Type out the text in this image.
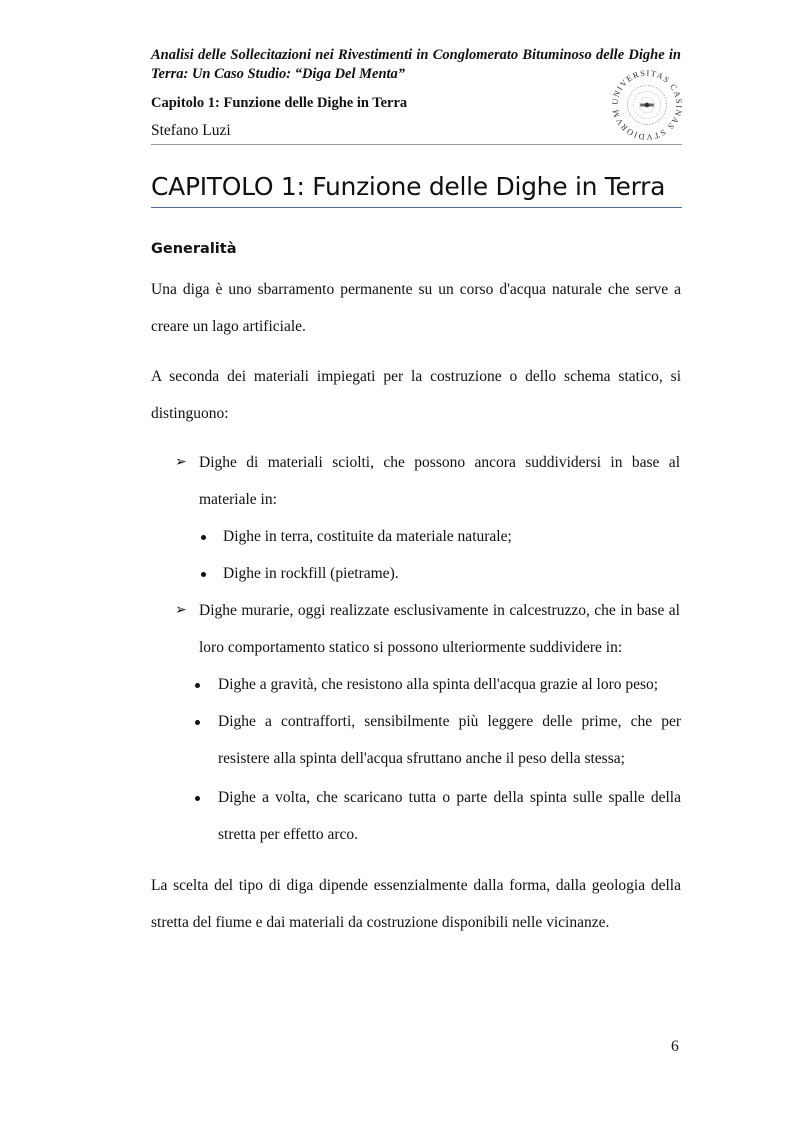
Analisi delle Sollecitazioni nei Rivestimenti in Conglomerato Bituminoso delle Dighe in Terra: Un Caso Studio: “Diga Del Menta”
Capitolo 1: Funzione delle Dighe in Terra
Stefano Luzi
UNIVERSITAS CASINAS STVDIORVM
CAPITOLO 1: Funzione delle Dighe in Terra
Generalità
Una diga è uno sbarramento permanente su un corso d'acqua naturale che serve a creare un lago artificiale.
A seconda dei materiali impiegati per la costruzione o dello schema statico, si distinguono:
➢ Dighe di materiali sciolti, che possono ancora suddividersi in base al materiale in:
Dighe in terra, costituite da materiale naturale;
Dighe in rockfill (pietrame).
➢ Dighe murarie, oggi realizzate esclusivamente in calcestruzzo, che in base al loro comportamento statico si possono ulteriormente suddividere in:
Dighe a gravità, che resistono alla spinta dell'acqua grazie al loro peso;
Dighe a contrafforti, sensibilmente più leggere delle prime, che per resistere alla spinta dell'acqua sfruttano anche il peso della stessa;
Dighe a volta, che scaricano tutta o parte della spinta sulle spalle della stretta per effetto arco.
La scelta del tipo di diga dipende essenzialmente dalla forma, dalla geologia della stretta del fiume e dai materiali da costruzione disponibili nelle vicinanze.
6
